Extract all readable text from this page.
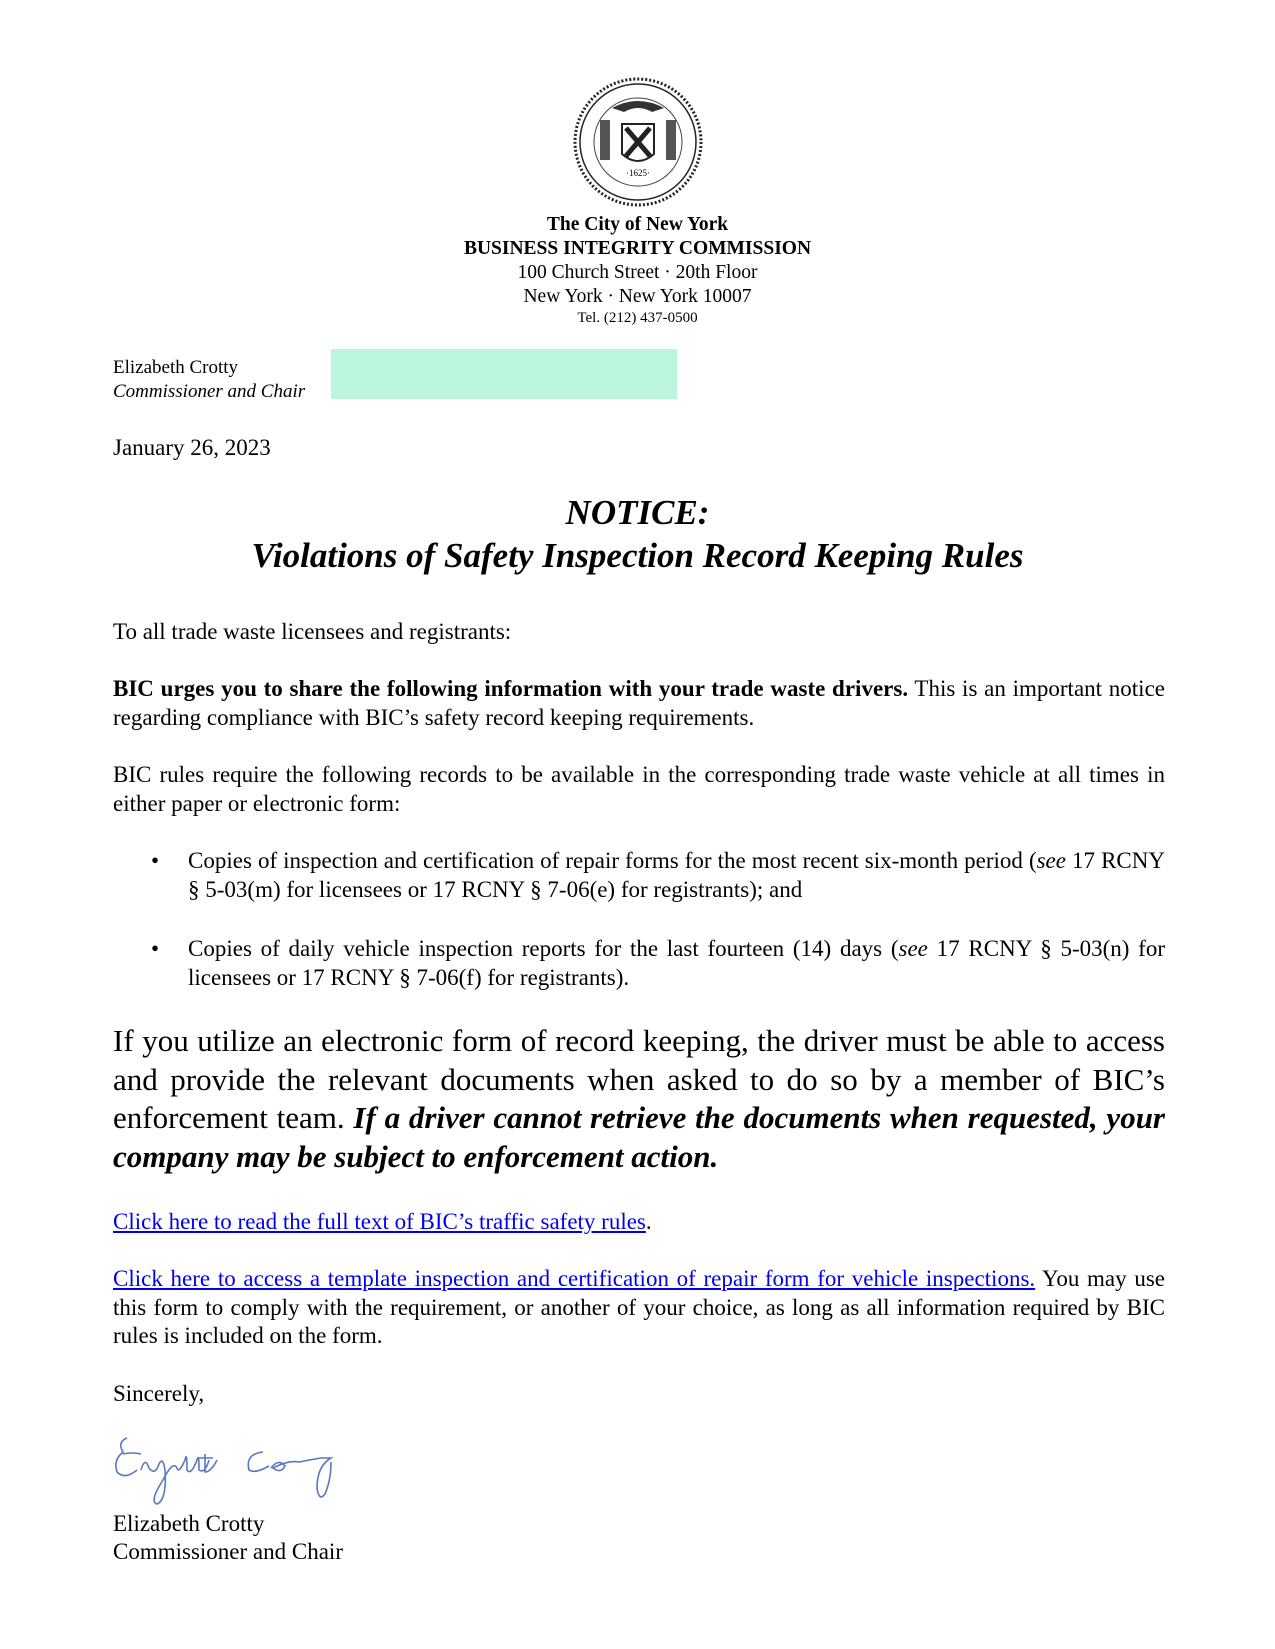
·1625·
The City of New York
BUSINESS INTEGRITY COMMISSION
100 Church Street · 20th Floor
New York · New York 10007
Tel. (212) 437-0500
Elizabeth Crotty
Commissioner and Chair
January 26, 2023
NOTICE:
Violations of Safety Inspection Record Keeping Rules
To all trade waste licensees and registrants:
BIC urges you to share the following information with your trade waste drivers. This is an important notice regarding compliance with BIC’s safety record keeping requirements.
BIC rules require the following records to be available in the corresponding trade waste vehicle at all times in either paper or electronic form:
• Copies of inspection and certification of repair forms for the most recent six-month period (see 17 RCNY § 5-03(m) for licensees or 17 RCNY § 7-06(e) for registrants); and
• Copies of daily vehicle inspection reports for the last fourteen (14) days (see 17 RCNY § 5-03(n) for licensees or 17 RCNY § 7-06(f) for registrants).
If you utilize an electronic form of record keeping, the driver must be able to access and provide the relevant documents when asked to do so by a member of BIC’s enforcement team. If a driver cannot retrieve the documents when requested, your company may be subject to enforcement action.
Click here to read the full text of BIC’s traffic safety rules.
Click here to access a template inspection and certification of repair form for vehicle inspections. You may use this form to comply with the requirement, or another of your choice, as long as all information required by BIC rules is included on the form.
Sincerely,
Elizabeth Crotty
Commissioner and Chair
